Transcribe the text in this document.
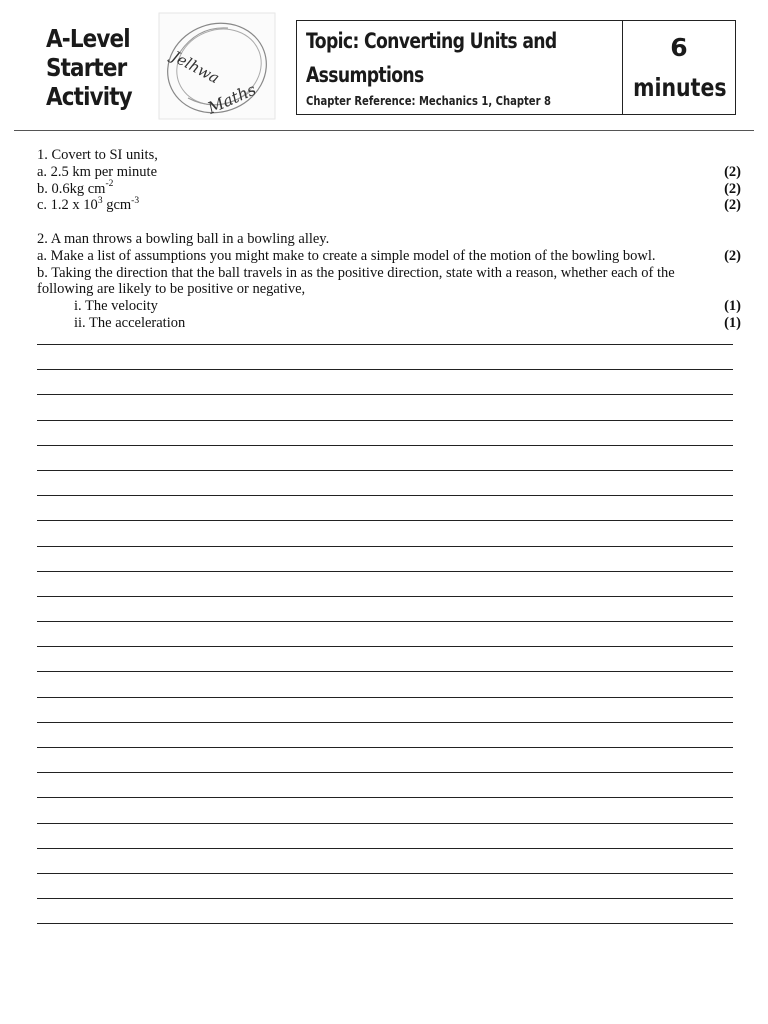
A-Level
Starter
Activity
Jelhwa
Maths
Topic: Converting Units and
Assumptions
Chapter Reference: Mechanics 1, Chapter 8
6
minutes
1. Covert to SI units,
a. 2.5 km per minute	(2)
b. 0.6kg $cm^{-2}$	(2)
c. 1.2 x $10^3$ gcm$^{-3}$	(2)
2. A man throws a bowling ball in a bowling alley.
a. Make a list of assumptions you might make to create a simple model of the motion of the bowling bowl.	(2)
b. Taking the direction that the ball travels in as the positive direction, state with a reason, whether each of the
following are likely to be positive or negative,
i. The velocity	(1)
ii. The acceleration	(1)
